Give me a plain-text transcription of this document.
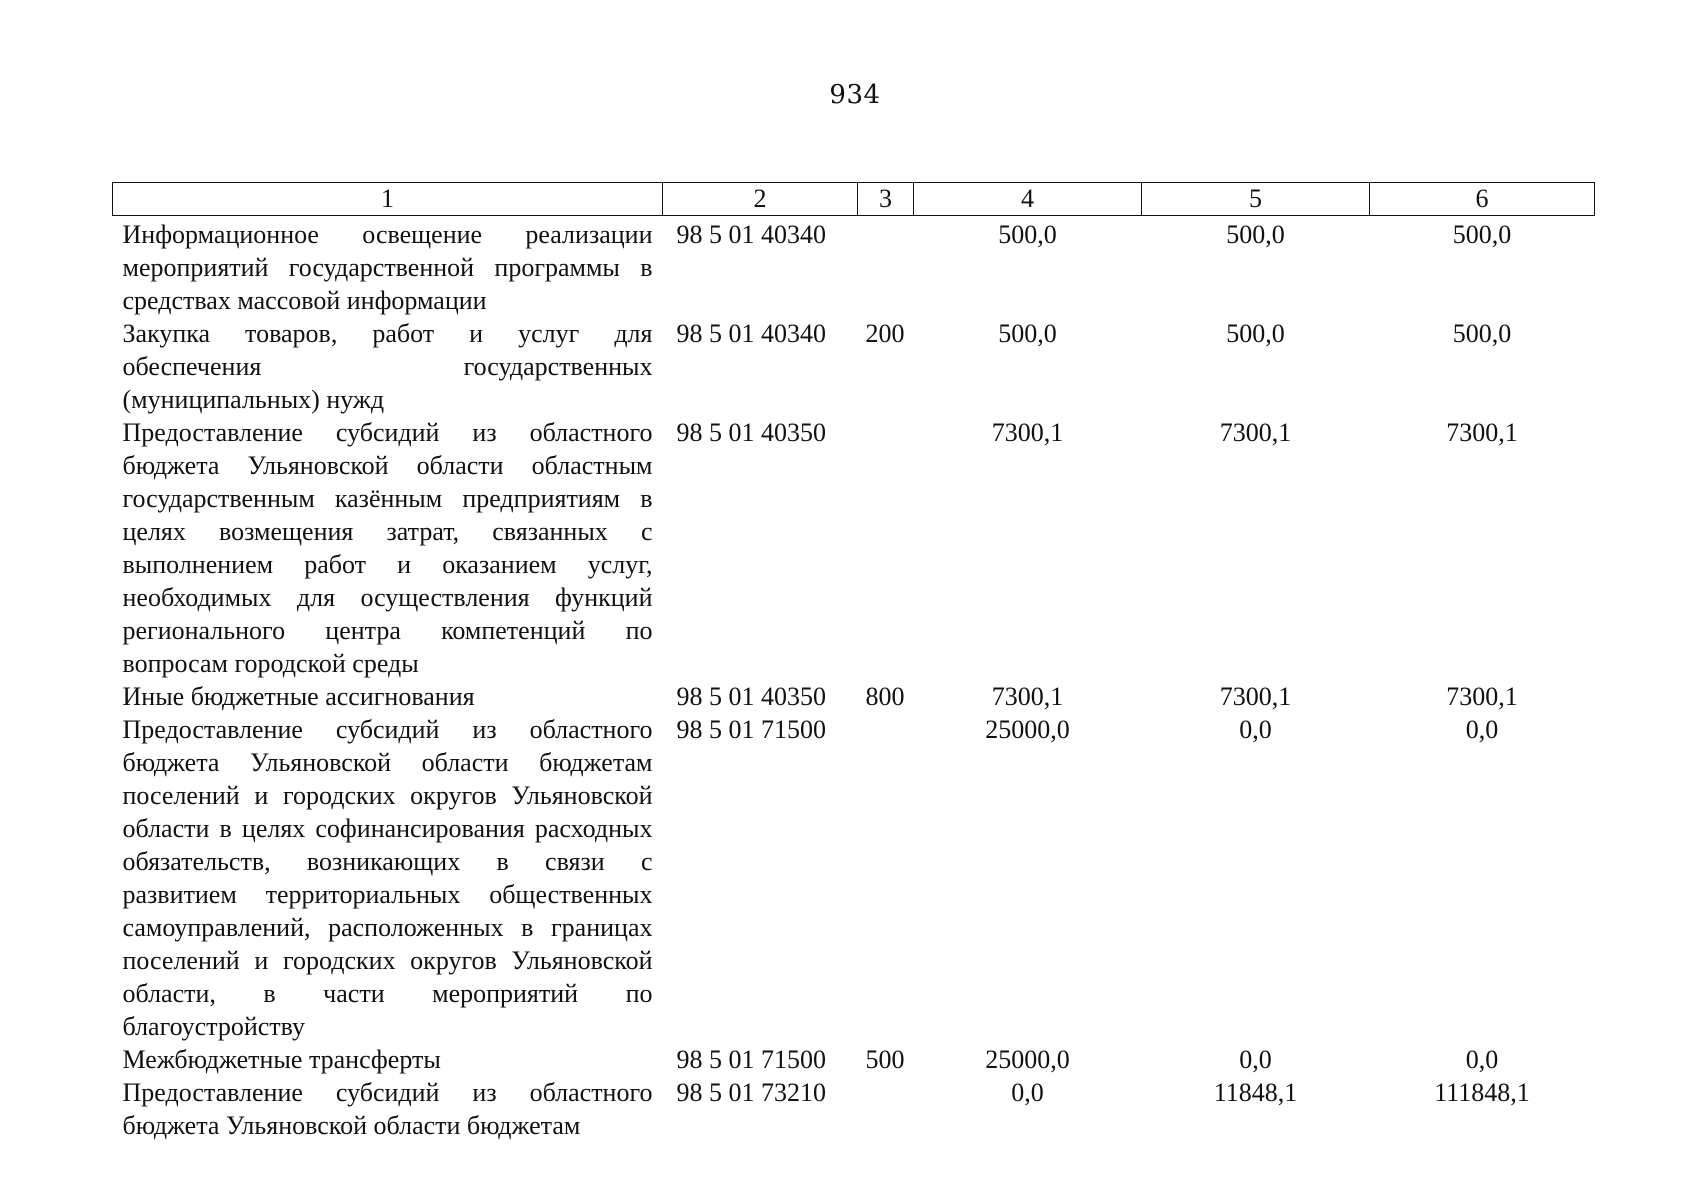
934
1	2	3	4	5	6

Информационное освещение реализации мероприятий государственной программы в средствах массовой информации	98 5 01 40340		500,0	500,0	500,0
Закупка товаров, работ и услуг для обеспечения государственных (муниципальных) нужд	98 5 01 40340	200	500,0	500,0	500,0
Предоставление субсидий из областного бюджета Ульяновской области областным государственным казённым предприятиям в целях возмещения затрат, связанных с выполнением работ и оказанием услуг, необходимых для осуществления функций регионального центра компетенций по вопросам городской среды	98 5 01 40350		7300,1	7300,1	7300,1
Иные бюджетные ассигнования	98 5 01 40350	800	7300,1	7300,1	7300,1
Предоставление субсидий из областного бюджета Ульяновской области бюджетам поселений и городских округов Ульяновской области в целях софинансирования расходных обязательств, возникающих в связи с развитием территориальных общественных самоуправлений, расположенных в границах поселений и городских округов Ульяновской области, в части мероприятий по благоустройству	98 5 01 71500		25000,0	0,0	0,0
Межбюджетные трансферты	98 5 01 71500	500	25000,0	0,0	0,0
Предоставление субсидий из областного бюджета Ульяновской области бюджетам	98 5 01 73210		0,0	11848,1	111848,1
